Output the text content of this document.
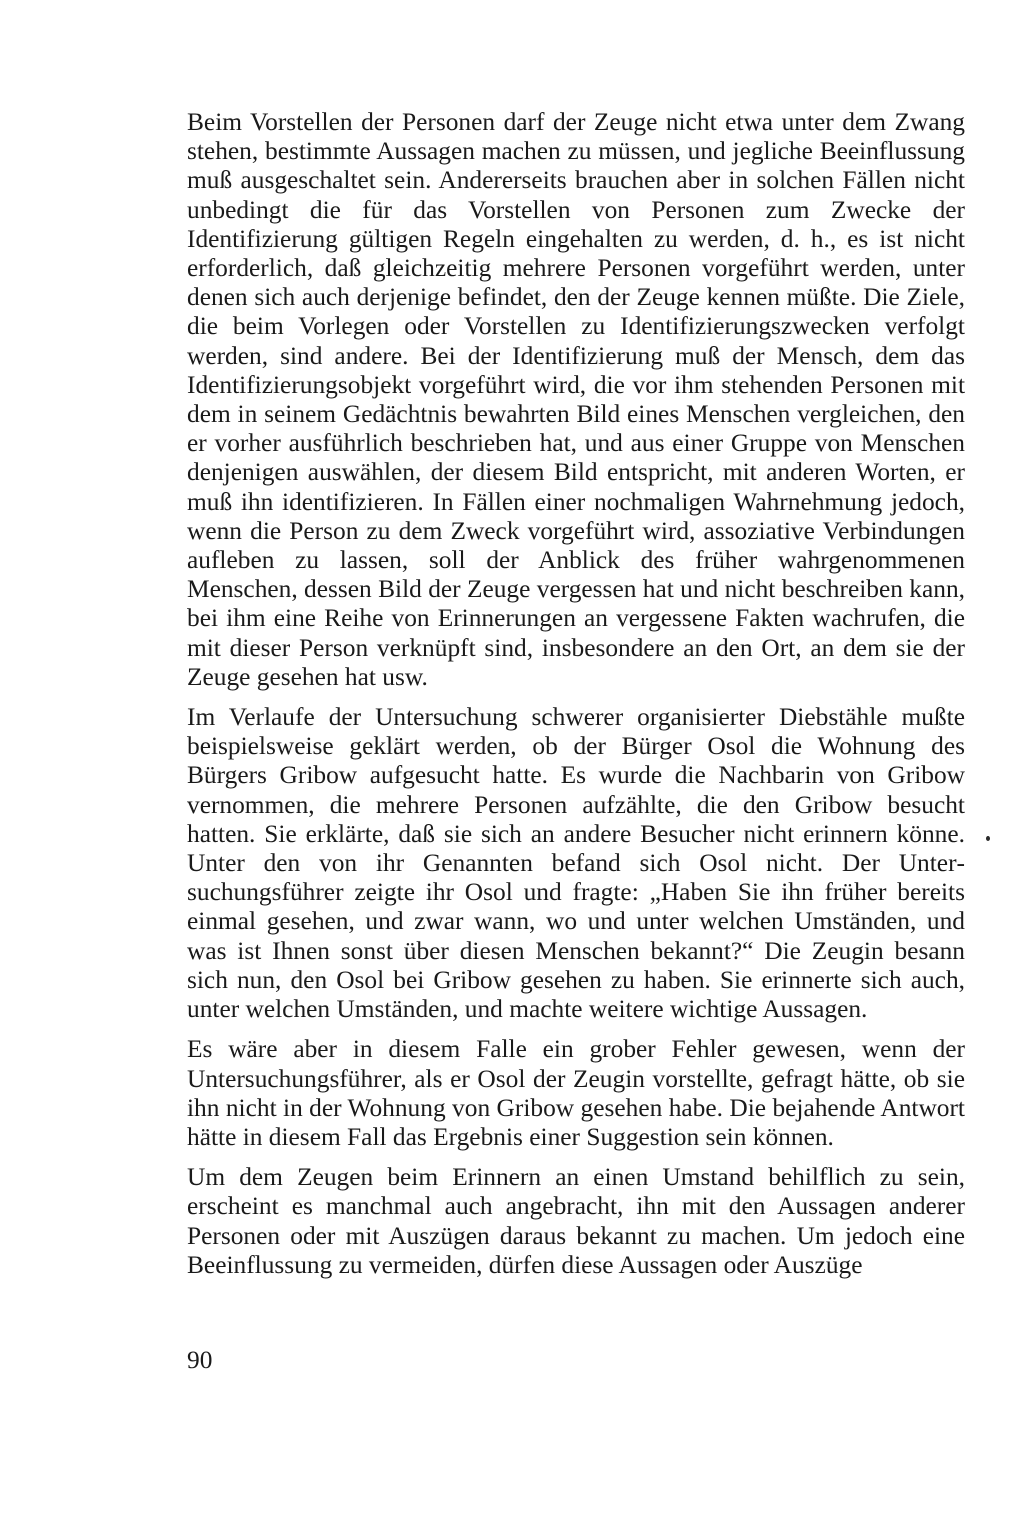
Beim Vorstellen der Personen darf der Zeuge nicht etwa unter dem Zwang stehen, bestimmte Aussagen machen zu müssen, und jegliche Beeinflussung muß ausgeschaltet sein. Andererseits brauchen aber in solchen Fällen nicht unbedingt die für das Vorstellen von Personen zum Zwecke der Identifizierung gültigen Regeln eingehalten zu werden, d. h., es ist nicht erforderlich, daß gleichzeitig mehrere Personen vorgeführt werden, unter denen sich auch derjenige befindet, den der Zeuge kennen müßte. Die Ziele, die beim Vorlegen oder Vorstellen zu Identifizierungszwecken verfolgt werden, sind andere. Bei der Identifizierung muß der Mensch, dem das Identifizierungsobjekt vorgeführt wird, die vor ihm stehenden Personen mit dem in seinem Gedächtnis bewahrten Bild eines Menschen vergleichen, den er vorher ausführlich beschrieben hat, und aus einer Gruppe von Menschen denjenigen auswählen, der diesem Bild entspricht, mit anderen Worten, er muß ihn identifizieren. In Fällen einer nochmaligen Wahrnehmung jedoch, wenn die Person zu dem Zweck vorgeführt wird, assoziative Verbindungen aufleben zu lassen, soll der Anblick des früher wahrgenommenen Menschen, dessen Bild der Zeuge vergessen hat und nicht beschreiben kann, bei ihm eine Reihe von Erinnerungen an vergessene Fakten wachrufen, die mit dieser Person verknüpft sind, insbesondere an den Ort, an dem sie der Zeuge gesehen hat usw.

Im Verlaufe der Untersuchung schwerer organisierter Diebstähle mußte beispielsweise geklärt werden, ob der Bürger Osol die Wohnung des Bürgers Gribow aufgesucht hatte. Es wurde die Nachbarin von Gribow vernommen, die mehrere Personen aufzählte, die den Gribow besucht hatten. Sie erklärte, daß sie sich an andere Besucher nicht erinnern könne. Unter den von ihr Genannten befand sich Osol nicht. Der Untersuchungsführer zeigte ihr Osol und fragte: „Haben Sie ihn früher bereits einmal gesehen, und zwar wann, wo und unter welchen Umständen, und was ist Ihnen sonst über diesen Menschen bekannt?“ Die Zeugin besann sich nun, den Osol bei Gribow gesehen zu haben. Sie erinnerte sich auch, unter welchen Umständen, und machte weitere wichtige Aussagen.

Es wäre aber in diesem Falle ein grober Fehler gewesen, wenn der Untersuchungsführer, als er Osol der Zeugin vorstellte, gefragt hätte, ob sie ihn nicht in der Wohnung von Gribow gesehen habe. Die bejahende Antwort hätte in diesem Fall das Ergebnis einer Suggestion sein können.

Um dem Zeugen beim Erinnern an einen Umstand behilflich zu sein, erscheint es manchmal auch angebracht, ihn mit den Aussagen anderer Personen oder mit Auszügen daraus bekannt zu machen. Um jedoch eine Beeinflussung zu vermeiden, dürfen diese Aussagen oder Auszüge

90
